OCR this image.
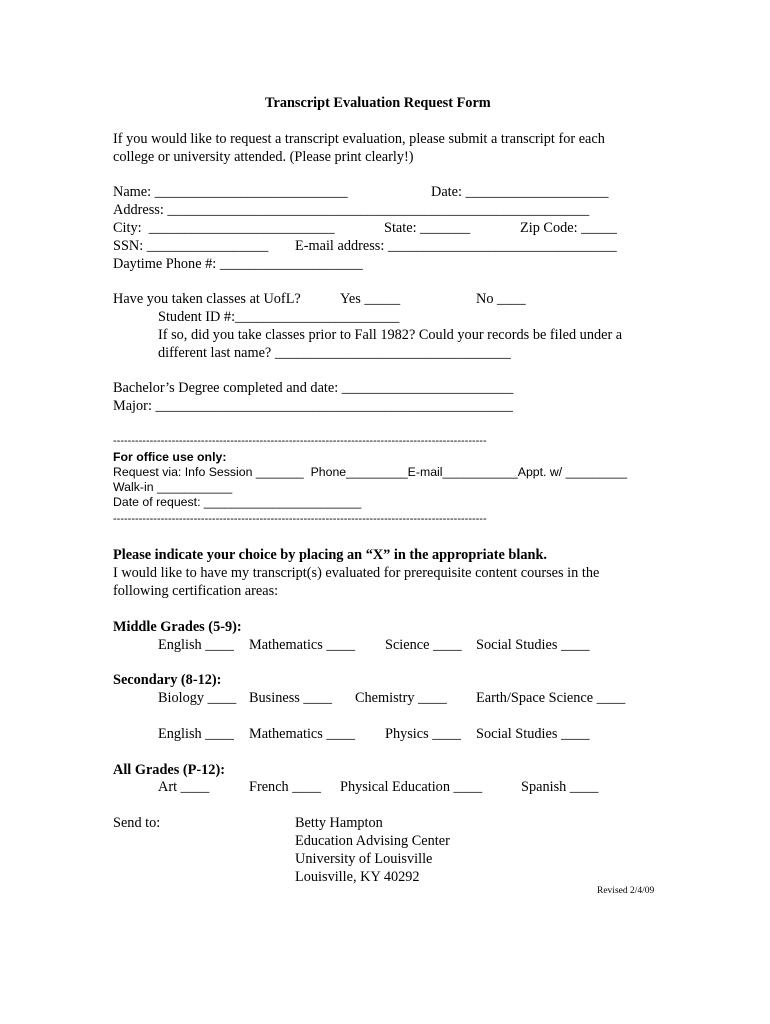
Transcript Evaluation Request Form
If you would like to request a transcript evaluation, please submit a transcript for each
college or university attended. (Please print clearly!)
Name: ___________________________	Date: ____________________
Address: ___________________________________________________________
City:  __________________________	State: _______	Zip Code: _____
SSN: _________________ E-mail address: ________________________________
Daytime Phone #: ____________________
Have you taken classes at UofL?	Yes _____	No ____
Student ID #:_______________________
If so, did you take classes prior to Fall 1982? Could your records be filed under a
different last name? _________________________________
Bachelor’s Degree completed and date: ________________________
Major: __________________________________________________
------------------------------------------------------------------------------------------------------
For office use only:
Request via: Info Session _______  Phone_________E-mail___________Appt. w/ _________
Walk-in ___________
Date of request: _______________________
------------------------------------------------------------------------------------------------------
Please indicate your choice by placing an “X” in the appropriate blank.
I would like to have my transcript(s) evaluated for prerequisite content courses in the
following certification areas:
Middle Grades (5-9):
English ____ Mathematics ____ Science ____ Social Studies ____
Secondary (8-12):
Biology ____ Business ____ Chemistry ____ Earth/Space Science ____
English ____ Mathematics ____ Physics ____ Social Studies ____
All Grades (P-12):
Art ____	French ____ Physical Education ____	Spanish ____
Send to:	Betty Hampton
Education Advising Center
University of Louisville
Louisville, KY 40292
Revised 2/4/09
